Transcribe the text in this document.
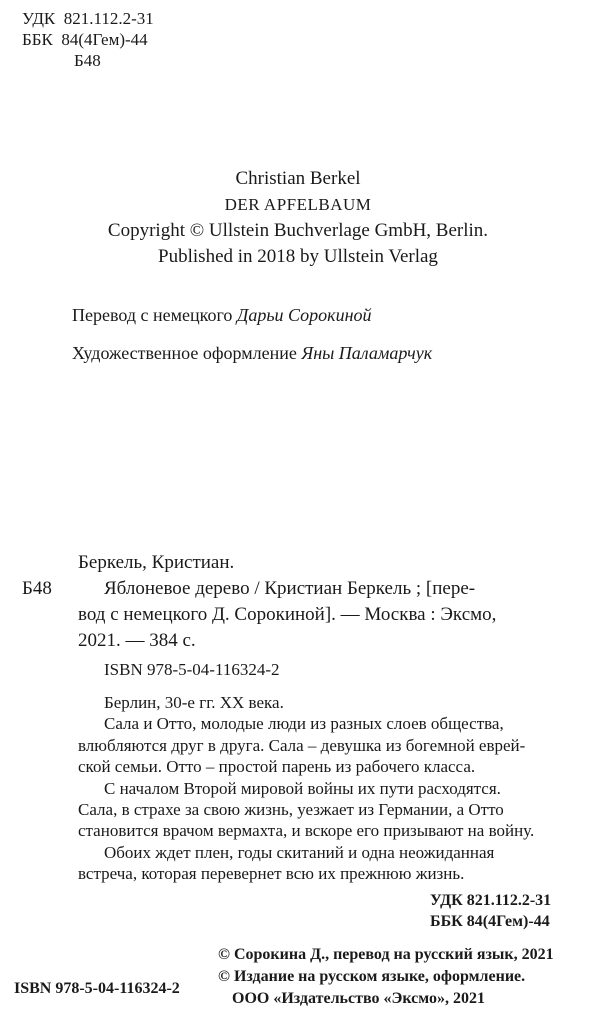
УДК  821.112.2-31
ББК  84(4Гем)-44
Б48
Christian Berkel
DER APFELBAUM
Copyright © Ullstein Buchverlage GmbH, Berlin.
Published in 2018 by Ullstein Verlag
Перевод с немецкого Дарьи Сорокиной
Художественное оформление Яны Паламарчук
Беркель, Кристиан.
Б48	Яблоневое дерево / Кристиан Беркель ; [пере-
вод с немецкого Д. Сорокиной]. — Москва : Эксмо,
2021. — 384 с.
ISBN 978-5-04-116324-2
Берлин, 30-е гг. XX века.
Сала и Отто, молодые люди из разных слоев общества,
влюбляются друг в друга. Сала – девушка из богемной еврей-
ской семьи. Отто – простой парень из рабочего класса.
С началом Второй мировой войны их пути расходятся.
Сала, в страхе за свою жизнь, уезжает из Германии, а Отто
становится врачом вермахта, и вскоре его призывают на войну.
Обоих ждет плен, годы скитаний и одна неожиданная
встреча, которая перевернет всю их прежнюю жизнь.
УДК 821.112.2-31
ББК 84(4Гем)-44
ISBN 978-5-04-116324-2
© Сорокина Д., перевод на русский язык, 2021
© Издание на русском языке, оформление.
ООО «Издательство «Эксмо», 2021
